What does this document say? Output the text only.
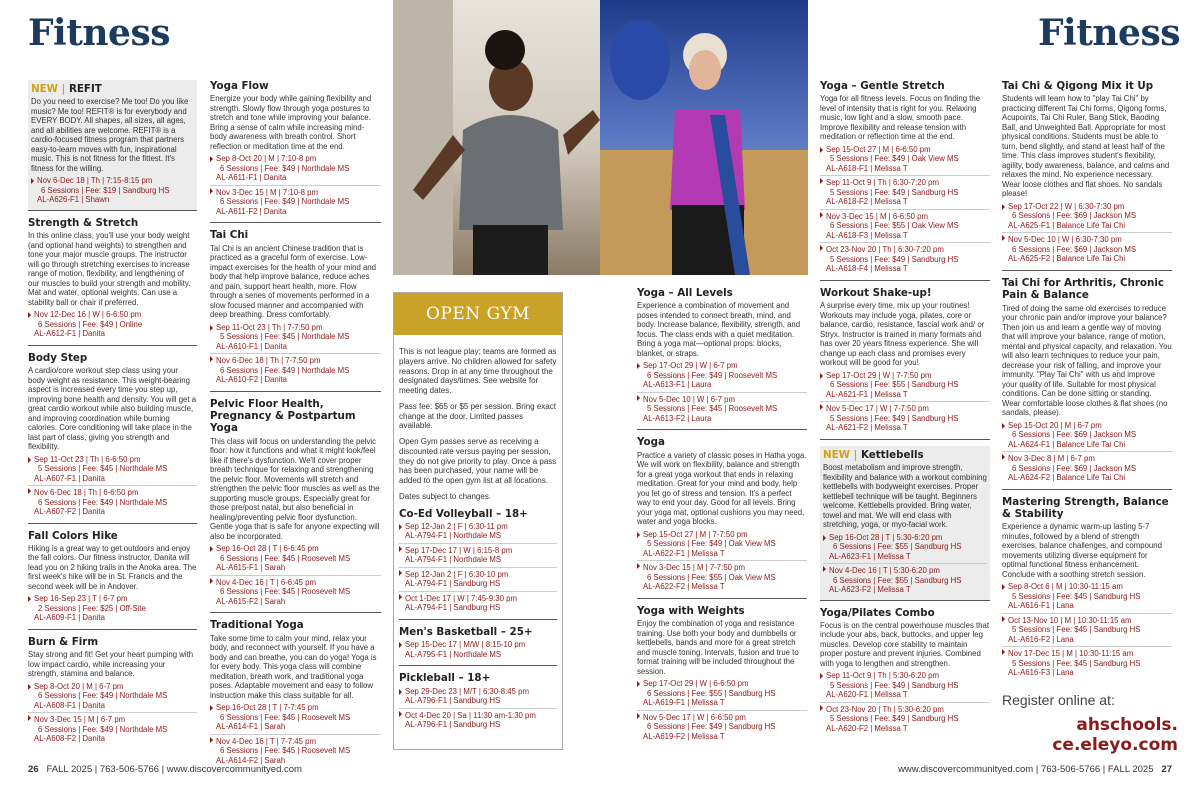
Fitness	Fitness
NEW | REFIT
Do you need to exercise? Me too! Do you like music? Me too! REFIT® is for everybody and EVERY BODY. All shapes, all sizes, all ages, and all abilities are welcome. REFIT® is a cardio-focused fitness program that partners easy-to-learn moves with fun, inspirational music. This is not fitness for the fittest. It's fitness for the willing.
Nov 6-Dec 18 | Th | 7:15-8:15 pm
6 Sessions | Fee: $19 | Sandburg HS
AL-A626-F1 | Shawn
Strength & Stretch
In this online class, you'll use your body weight (and optional hand weights) to strengthen and tone your major muscle groups. The instructor will go through stretching exercises to increase range of motion, flexibility, and lengthening of our muscles to build your strength and mobility. Mat and water, optional weights. Can use a stability ball or chair if preferred.
Nov 12-Dec 16 | W | 6-6:50 pm
6 Sessions | Fee: $49 | Online
AL-A612-F1 | Danita
Body Step
A cardio/core workout step class using your body weight as resistance. This weight-bearing aspect is increased every time you step up, improving bone health and density. You will get a great cardio workout while also building muscle, and improving coordination while burning calories. Core conditioning will take place in the last part of class, giving you strength and flexibility.
Sep 11-Oct 23 | Th | 6-6:50 pm
5 Sessions | Fee: $45 | Northdale MS
AL-A607-F1 | Danita
Nov 6-Dec 18 | Th | 6-6:50 pm
6 Sessions | Fee: $49 | Northdale MS
AL-A607-F2 | Danita
Fall Colors Hike
Hiking is a great way to get outdoors and enjoy the fall colors. Our fitness instructor, Danita will lead you on 2 hiking trails in the Anoka area. The first week's hike will be in St. Francis and the second week will be in Andover.
Sep 16-Sep 23 | T | 6-7 pm
2 Sessions | Fee: $25 | Off-Site
AL-A609-F1 | Danita
Burn & Firm
Stay strong and fit! Get your heart pumping with low impact cardio, while increasing your strength, stamina and balance.
Sep 8-Oct 20 | M | 6-7 pm
6 Sessions | Fee: $49 | Northdale MS
AL-A608-F1 | Danita
Nov 3-Dec 15 | M | 6-7 pm
6 Sessions | Fee: $49 | Northdale MS
AL-A608-F2 | Danita
Yoga Flow
Energize your body while gaining flexibility and strength. Slowly flow through yoga postures to stretch and tone while improving your balance. Bring a sense of calm while increasing mind-body awareness with breath control. Short reflection or meditation time at the end.
Sep 8-Oct 20 | M | 7:10-8 pm
6 Sessions | Fee: $49 | Northdale MS
AL-A611-F1 | Danita
Nov 3-Dec 15 | M | 7:10-8 pm
6 Sessions | Fee: $49 | Northdale MS
AL-A611-F2 | Danita
Tai Chi
Tai Chi is an ancient Chinese tradition that is practiced as a graceful form of exercise. Low-impact exercises for the health of your mind and body that help improve balance, reduce aches and pain, support heart health, more. Flow through a series of movements performed in a slow focused manner and accompanied with deep breathing. Dress comfortably.
Sep 11-Oct 23 | Th | 7-7:50 pm
5 Sessions | Fee: $45 | Northdale MS
AL-A610-F1 | Danita
Nov 6-Dec 18 | Th | 7-7:50 pm
6 Sessions | Fee: $49 | Northdale MS
AL-A610-F2 | Danita
Pelvic Floor Health, Pregnancy & Postpartum Yoga
This class will focus on understanding the pelvic floor: how it functions and what it might look/feel like if there's dysfunction. We'll cover proper breath technique for relaxing and strengthening the pelvic floor. Movements will stretch and strengthen the pelvic floor muscles as well as the supporting muscle groups. Especially great for those pre/post natal, but also beneficial in healing/preventing pelvic floor dysfunction. Gentle yoga that is safe for anyone expecting will also be incorporated.
Sep 16-Oct 28 | T | 6-6:45 pm
6 Sessions | Fee: $45 | Roosevelt MS
AL-A615-F1 | Sarah
Nov 4-Dec 16 | T | 6-6:45 pm
6 Sessions | Fee: $45 | Roosevelt MS
AL-A615-F2 | Sarah
Traditional Yoga
Take some time to calm your mind, relax your body, and reconnect with yourself. If you have a body and can breathe, you can do yoga! Yoga is for every body. This yoga class will combine meditation, breath work, and traditional yoga poses. Adaptable movement and easy to follow instruction make this class suitable for all.
Sep 16-Oct 28 | T | 7-7:45 pm
6 Sessions | Fee: $45 | Roosevelt MS
AL-A614-F1 | Sarah
Nov 4-Dec 16 | T | 7-7:45 pm
6 Sessions | Fee: $45 | Roosevelt MS
AL-A614-F2 | Sarah
OPEN GYM
This is not league play; teams are formed as players arrive. No children allowed for safety reasons. Drop in at any time throughout the designated days/times. See website for meeting dates.
Pass fee: $65 or $5 per session. Bring exact change at the door. Limited passes available.
Open Gym passes serve as receiving a discounted rate versus paying per session, they do not give priority to play. Once a pass has been purchased, your name will be added to the open gym list at all locations.
Dates subject to changes.
Co-Ed Volleyball – 18+
Sep 12-Jan 2 | F | 6:30-11 pm
AL-A794-F1 | Northdale MS
Sep 17-Dec 17 | W | 6:15-8 pm
AL-A794-F1 | Northdale MS
Sep 12-Jan 2 | F | 6:30-10 pm
AL-A794-F1 | Sandburg HS
Oct 1-Dec 17 | W | 7:45-9:30 pm
AL-A794-F1 | Sandburg HS
Men's Basketball – 25+
Sep 15-Dec 17 | M/W | 8:15-10 pm
AL-A795-F1 | Northdale MS
Pickleball – 18+
Sep 29-Dec 23 | M/T | 6:30-8:45 pm
AL-A796-F1 | Sandburg HS
Oct 4-Dec 20 | Sa | 11:30 am-1:30 pm
AL-A796-F1 | Sandburg HS
Yoga – All Levels
Experience a combination of movement and poses intended to connect breath, mind, and body. Increase balance, flexibility, strength, and focus. The class ends with a quiet meditation. Bring a yoga mat—optional props: blocks, blanket, or straps.
Sep 17-Oct 29 | W | 6-7 pm
6 Sessions | Fee: $49 | Roosevelt MS
AL-A613-F1 | Laura
Nov 5-Dec 10 | W | 6-7 pm
5 Sessions | Fee: $45 | Roosevelt MS
AL-A613-F2 | Laura
Yoga
Practice a variety of classic poses in Hatha yoga. We will work on flexibility, balance and strength for a great yoga workout that ends in relaxing meditation. Great for your mind and body, help you let go of stress and tension. It's a perfect way to end your day. Good for all levels. Bring your yoga mat, optional cushions you may need, water and yoga blocks.
Sep 15-Oct 27 | M | 7-7:50 pm
5 Sessions | Fee: $49 | Oak View MS
AL-A622-F1 | Melissa T
Nov 3-Dec 15 | M | 7-7:50 pm
6 Sessions | Fee: $55 | Oak View MS
AL-A622-F2 | Melissa T
Yoga with Weights
Enjoy the combination of yoga and resistance training. Use both your body and dumbbells or kettlebells, bands and more for a great stretch and muscle toning. Intervals, fusion and true to format training will be included throughout the session.
Sep 17-Oct 29 | W | 6-6:50 pm
6 Sessions | Fee: $55 | Sandburg HS
AL-A619-F1 | Melissa T
Nov 5-Dec 17 | W | 6-6:50 pm
6 Sessions | Fee: $49 | Sandburg HS
AL-A619-F2 | Melissa T
Yoga – Gentle Stretch
Yoga for all fitness levels. Focus on finding the level of intensity that is right for you. Relaxing music, low light and a slow, smooth pace. Improve flexibility and release tension with meditation or reflection time at the end.
Sep 15-Oct 27 | M | 6-6:50 pm
5 Sessions | Fee: $49 | Oak View MS
AL-A618-F1 | Melissa T
Sep 11-Oct 9 | Th | 6:30-7:20 pm
5 Sessions | Fee: $49 | Sandburg HS
AL-A618-F2 | Melissa T
Nov 3-Dec 15 | M | 6-6:50 pm
6 Sessions | Fee: $55 | Oak View MS
AL-A618-F3 | Melissa T
Oct 23-Nov 20 | Th | 6:30-7:20 pm
5 Sessions | Fee: $49 | Sandburg HS
AL-A618-F4 | Melissa T
Workout Shake-up!
A surprise every time, mix up your routines! Workouts may include yoga, pilates, core or balance, cardio, resistance, fascial work and/ or Stryx. Instructor is trained in many formats and has over 20 years fitness experience. She will change up each class and promises every workout will be good for you!
Sep 17-Oct 29 | W | 7-7:50 pm
6 Sessions | Fee: $55 | Sandburg HS
AL-A621-F1 | Melissa T
Nov 5-Dec 17 | W | 7-7:50 pm
5 Sessions | Fee: $49 | Sandburg HS
AL-A621-F2 | Melissa T
NEW | Kettlebells
Boost metabolism and improve strength, flexibility and balance with a workout combining kettlebells with bodyweight exercises. Proper kettlebell technique will be taught. Beginners welcome. Kettlebells provided. Bring water, towel and mat. We will end class with stretching, yoga, or myo-facial work.
Sep 16-Oct 28 | T | 5:30-6:20 pm
6 Sessions | Fee: $55 | Sandburg HS
AL-A623-F1 | Melissa T
Nov 4-Dec 16 | T | 5:30-6:20 pm
6 Sessions | Fee: $55 | Sandburg HS
AL-A623-F2 | Melissa T
Yoga/Pilates Combo
Focus is on the central powerhouse muscles that include your abs, back, buttocks, and upper leg muscles. Develop core stability to maintain proper posture and prevent injuries. Combined with yoga to lengthen and strengthen.
Sep 11-Oct 9 | Th | 5:30-6:20 pm
5 Sessions | Fee: $49 | Sandburg HS
AL-A620-F1 | Melissa T
Oct 23-Nov 20 | Th | 5:30-6:20 pm
5 Sessions | Fee: $49 | Sandburg HS
AL-A620-F2 | Melissa T
Tai Chi & Qigong Mix it Up
Students will learn how to "play Tai Chi" by practicing different Tai Chi forms, Qigong forms, Acupoints, Tai Chi Ruler, Bang Stick, Baoding Ball, and Unweighted Ball. Appropriate for most physical conditions. Students must be able to turn, bend slightly, and stand at least half of the time. This class improves student's flexibility, agility, body awareness, balance, and calms and relaxes the mind. No experience necessary. Wear loose clothes and flat shoes. No sandals please!
Sep 17-Oct 22 | W | 6:30-7:30 pm
6 Sessions | Fee: $69 | Jackson MS
AL-A625-F1 | Balance Life Tai Chi
Nov 5-Dec 10 | W | 6:30-7:30 pm
6 Sessions | Fee: $69 | Jackson MS
AL-A625-F2 | Balance Life Tai Chi
Tai Chi for Arthritis, Chronic Pain & Balance
Tired of doing the same old exercises to reduce your chronic pain and/or improve your balance? Then join us and learn a gentle way of moving that will improve your balance, range of motion, mental and physical capacity, and relaxation. You will also learn techniques to reduce your pain, decrease your risk of falling, and improve your immunity. "Play Tai Chi" with us and improve your quality of life. Suitable for most physical conditions. Can be done sitting or standing. Wear comfortable loose clothes & flat shoes (no sandals, please).
Sep 15-Oct 20 | M | 6-7 pm
6 Sessions | Fee: $69 | Jackson MS
AL-A624-F1 | Balance Life Tai Chi
Nov 3-Dec 8 | M | 6-7 pm
6 Sessions | Fee: $69 | Jackson MS
AL-A624-F2 | Balance Life Tai Chi
Mastering Strength, Balance & Stability
Experience a dynamic warm-up lasting 5-7 minutes, followed by a blend of strength exercises, balance challenges, and compound movements utilizing diverse equipment for optimal functional fitness enhancement. Conclude with a soothing stretch session.
Sep 8-Oct 6 | M | 10:30-11:15 am
5 Sessions | Fee: $45 | Sandburg HS
AL-A616-F1 | Lana
Oct 13-Nov 10 | M | 10:30-11:15 am
5 Sessions | Fee: $45 | Sandburg HS
AL-A616-F2 | Lana
Nov 17-Dec 15 | M | 10:30-11:15 am
5 Sessions | Fee: $45 | Sandburg HS
AL-A616-F3 | Lana
Register online at:
ahschools.
ce.eleyo.com
26 FALL 2025 | 763-506-5766 | www.discovercommunityed.com	www.discovercommunityed.com | 763-506-5766 | FALL 2025 27
